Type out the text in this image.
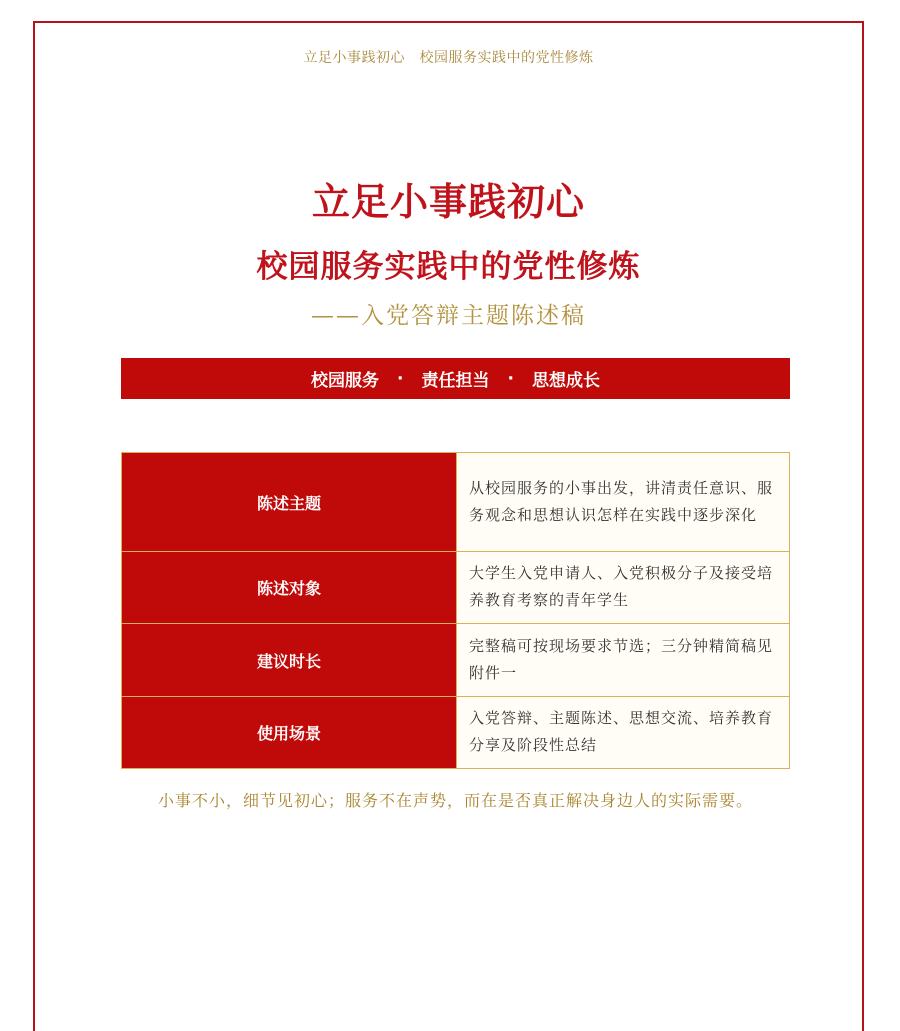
立足小事践初心　校园服务实践中的党性修炼
立足小事践初心
校园服务实践中的党性修炼
——入党答辩主题陈述稿
校园服务 · 责任担当 · 思想成长
陈述主题	从校园服务的小事出发，讲清责任意识、服务观念和思想认识怎样在实践中逐步深化
陈述对象	大学生入党申请人、入党积极分子及接受培养教育考察的青年学生
建议时长	完整稿可按现场要求节选；三分钟精简稿见附件一
使用场景	入党答辩、主题陈述、思想交流、培养教育分享及阶段性总结
小事不小，细节见初心；服务不在声势，而在是否真正解决身边人的实际需要。
